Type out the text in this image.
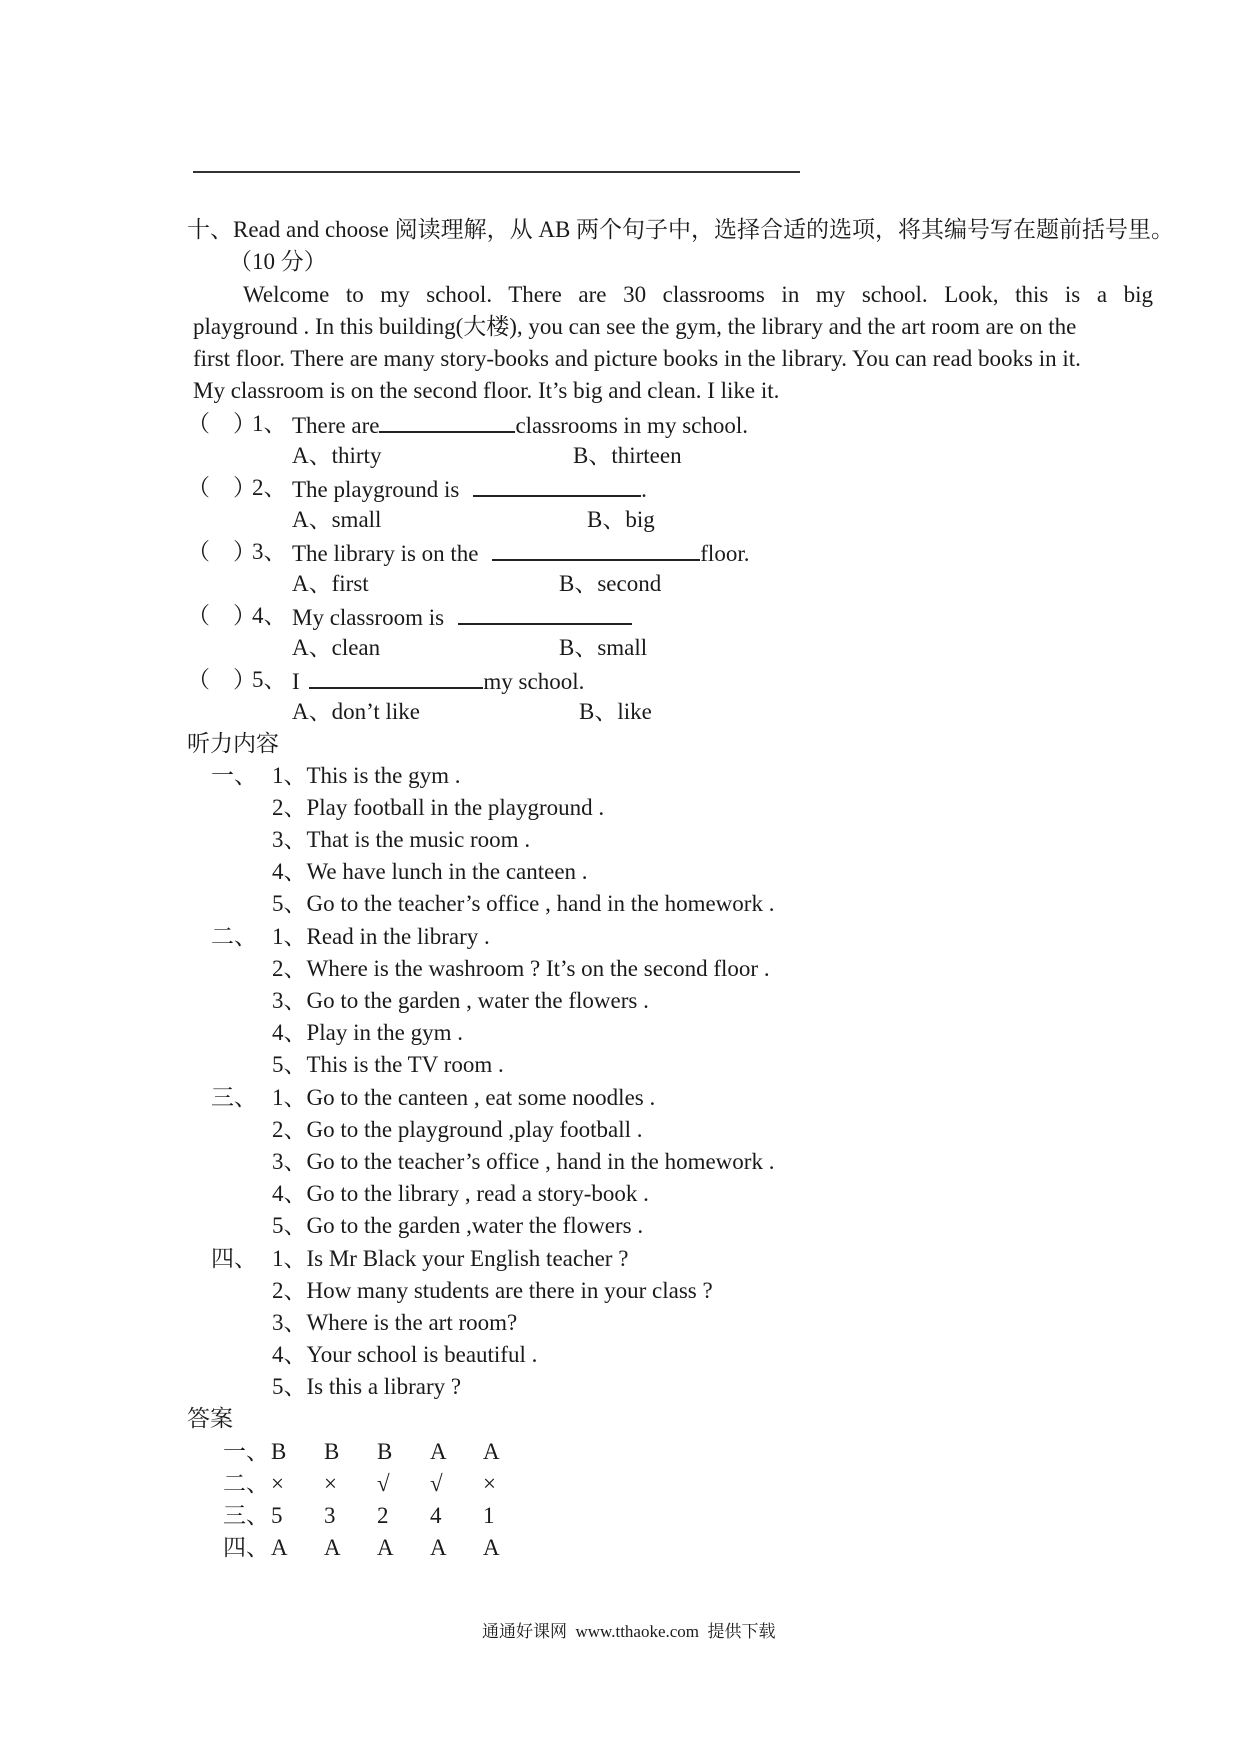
十、Read and choose 阅读理解，从 AB 两个句子中，选择合适的选项，将其编号写在题前括号里。
（10 分）
Welcome to my school. There are 30 classrooms in my school. Look, this is a big
playground . In this building(大楼), you can see the gym, the library and the art room are on the
first floor. There are many story-books and picture books in the library. You can read books in it.
My classroom is on the second floor. It’s big and clean. I like it.
（　）
1、 There are	classrooms in my school.
A、thirty	B、thirteen
（　）
2、 The playground is	.
A、small	B、big
（　）
3、 The library is on the	floor.
A、first	B、second
（　）
4、 My classroom is
A、clean	B、small
（　）
5、 I	my school.
A、don’t like	B、like
听力内容
一、 1、This is the gym .
2、Play football in the playground .
3、That is the music room .
4、We have lunch in the canteen .
5、Go to the teacher’s office , hand in the homework .
二、 1、Read in the library .
2、Where is the washroom ? It’s on the second floor .
3、Go to the garden , water the flowers .
4、Play in the gym .
5、This is the TV room .
三、 1、Go to the canteen , eat some noodles .
2、Go to the playground ,play football .
3、Go to the teacher’s office , hand in the homework .
4、Go to the library , read a story-book .
5、Go to the garden ,water the flowers .
四、 1、Is Mr Black your English teacher ?
2、How many students are there in your class ?
3、Where is the art room?
4、Your school is beautiful .
5、Is this a library ?
答案
一、B B B A A
二、× × √ √ ×
三、5 3 2 4 1
四、A A A A A
通通好课网  www.tthaoke.com  提供下载
